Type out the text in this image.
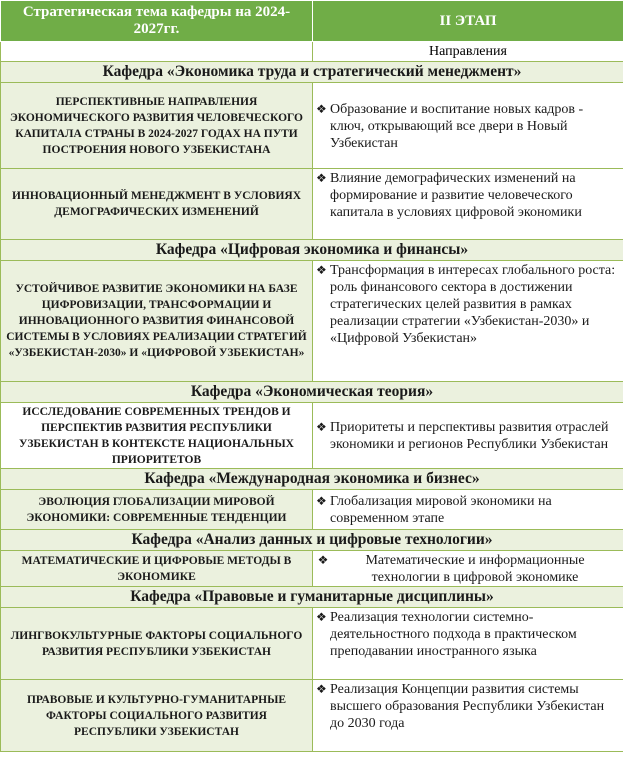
Стратегическая тема кафедры на 2024-2027гг.	II ЭТАП
	Направления
Кафедра «Экономика труда и стратегический менеджмент»	
ПЕРСПЕКТИВНЫЕ НАПРАВЛЕНИЯ ЭКОНОМИЧЕСКОГО РАЗВИТИЯ ЧЕЛОВЕЧЕСКОГО КАПИТАЛА СТРАНЫ В 2024-2027 ГОДАХ НА ПУТИ ПОСТРОЕНИЯ НОВОГО УЗБЕКИСТАНА	❖ Образование и воспитание новых кадров - ключ, открывающий все двери в Новый Узбекистан

ИННОВАЦИОННЫЙ МЕНЕДЖМЕНТ В УСЛОВИЯХ ДЕМОГРАФИЧЕСКИХ ИЗМЕНЕНИЙ	❖ Влияние демографических изменений на формирование и развитие человеческого капитала в условиях цифровой экономики

Кафедра «Цифровая экономика и финансы»	
УСТОЙЧИВОЕ РАЗВИТИЕ ЭКОНОМИКИ НА БАЗЕ ЦИФРОВИЗАЦИИ, ТРАНСФОРМАЦИИ И ИННОВАЦИОННОГО РАЗВИТИЯ ФИНАНСОВОЙ СИСТЕМЫ В УСЛОВИЯХ РЕАЛИЗАЦИИ СТРАТЕГИЙ «УЗБЕКИСТАН-2030» И «ЦИФРОВОЙ УЗБЕКИСТАН»	❖ Трансформация в интересах глобального роста: роль финансового сектора в достижении стратегических целей развития в рамках реализации стратегии «Узбекистан-2030» и «Цифровой Узбекистан»

Кафедра «Экономическая теория»	
ИССЛЕДОВАНИЕ СОВРЕМЕННЫХ ТРЕНДОВ И ПЕРСПЕКТИВ РАЗВИТИЯ РЕСПУБЛИКИ УЗБЕКИСТАН В КОНТЕКСТЕ НАЦИОНАЛЬНЫХ ПРИОРИТЕТОВ	❖ Приоритеты и перспективы развития отраслей экономики и регионов Республики Узбекистан

Кафедра «Международная экономика и бизнес»	
ЭВОЛЮЦИЯ ГЛОБАЛИЗАЦИИ МИРОВОЙ ЭКОНОМИКИ: СОВРЕМЕННЫЕ ТЕНДЕНЦИИ	❖ Глобализация мировой экономики на современном этапе

Кафедра «Анализ данных и цифровые технологии»	
МАТЕМАТИЧЕСКИЕ И ЦИФРОВЫЕ МЕТОДЫ В ЭКОНОМИКЕ	❖ Математические и информационные технологии в цифровой экономике

Кафедра «Правовые и гуманитарные дисциплины»	
ЛИНГВОКУЛЬТУРНЫЕ ФАКТОРЫ СОЦИАЛЬНОГО РАЗВИТИЯ РЕСПУБЛИКИ УЗБЕКИСТАН	❖ Реализация технологии системно-деятельностного подхода в практическом преподавании иностранного языка

ПРАВОВЫЕ И КУЛЬТУРНО-ГУМАНИТАРНЫЕ ФАКТОРЫ СОЦИАЛЬНОГО РАЗВИТИЯ РЕСПУБЛИКИ УЗБЕКИСТАН	❖ Реализация Концепции развития системы высшего образования Республики Узбекистан до 2030 года
